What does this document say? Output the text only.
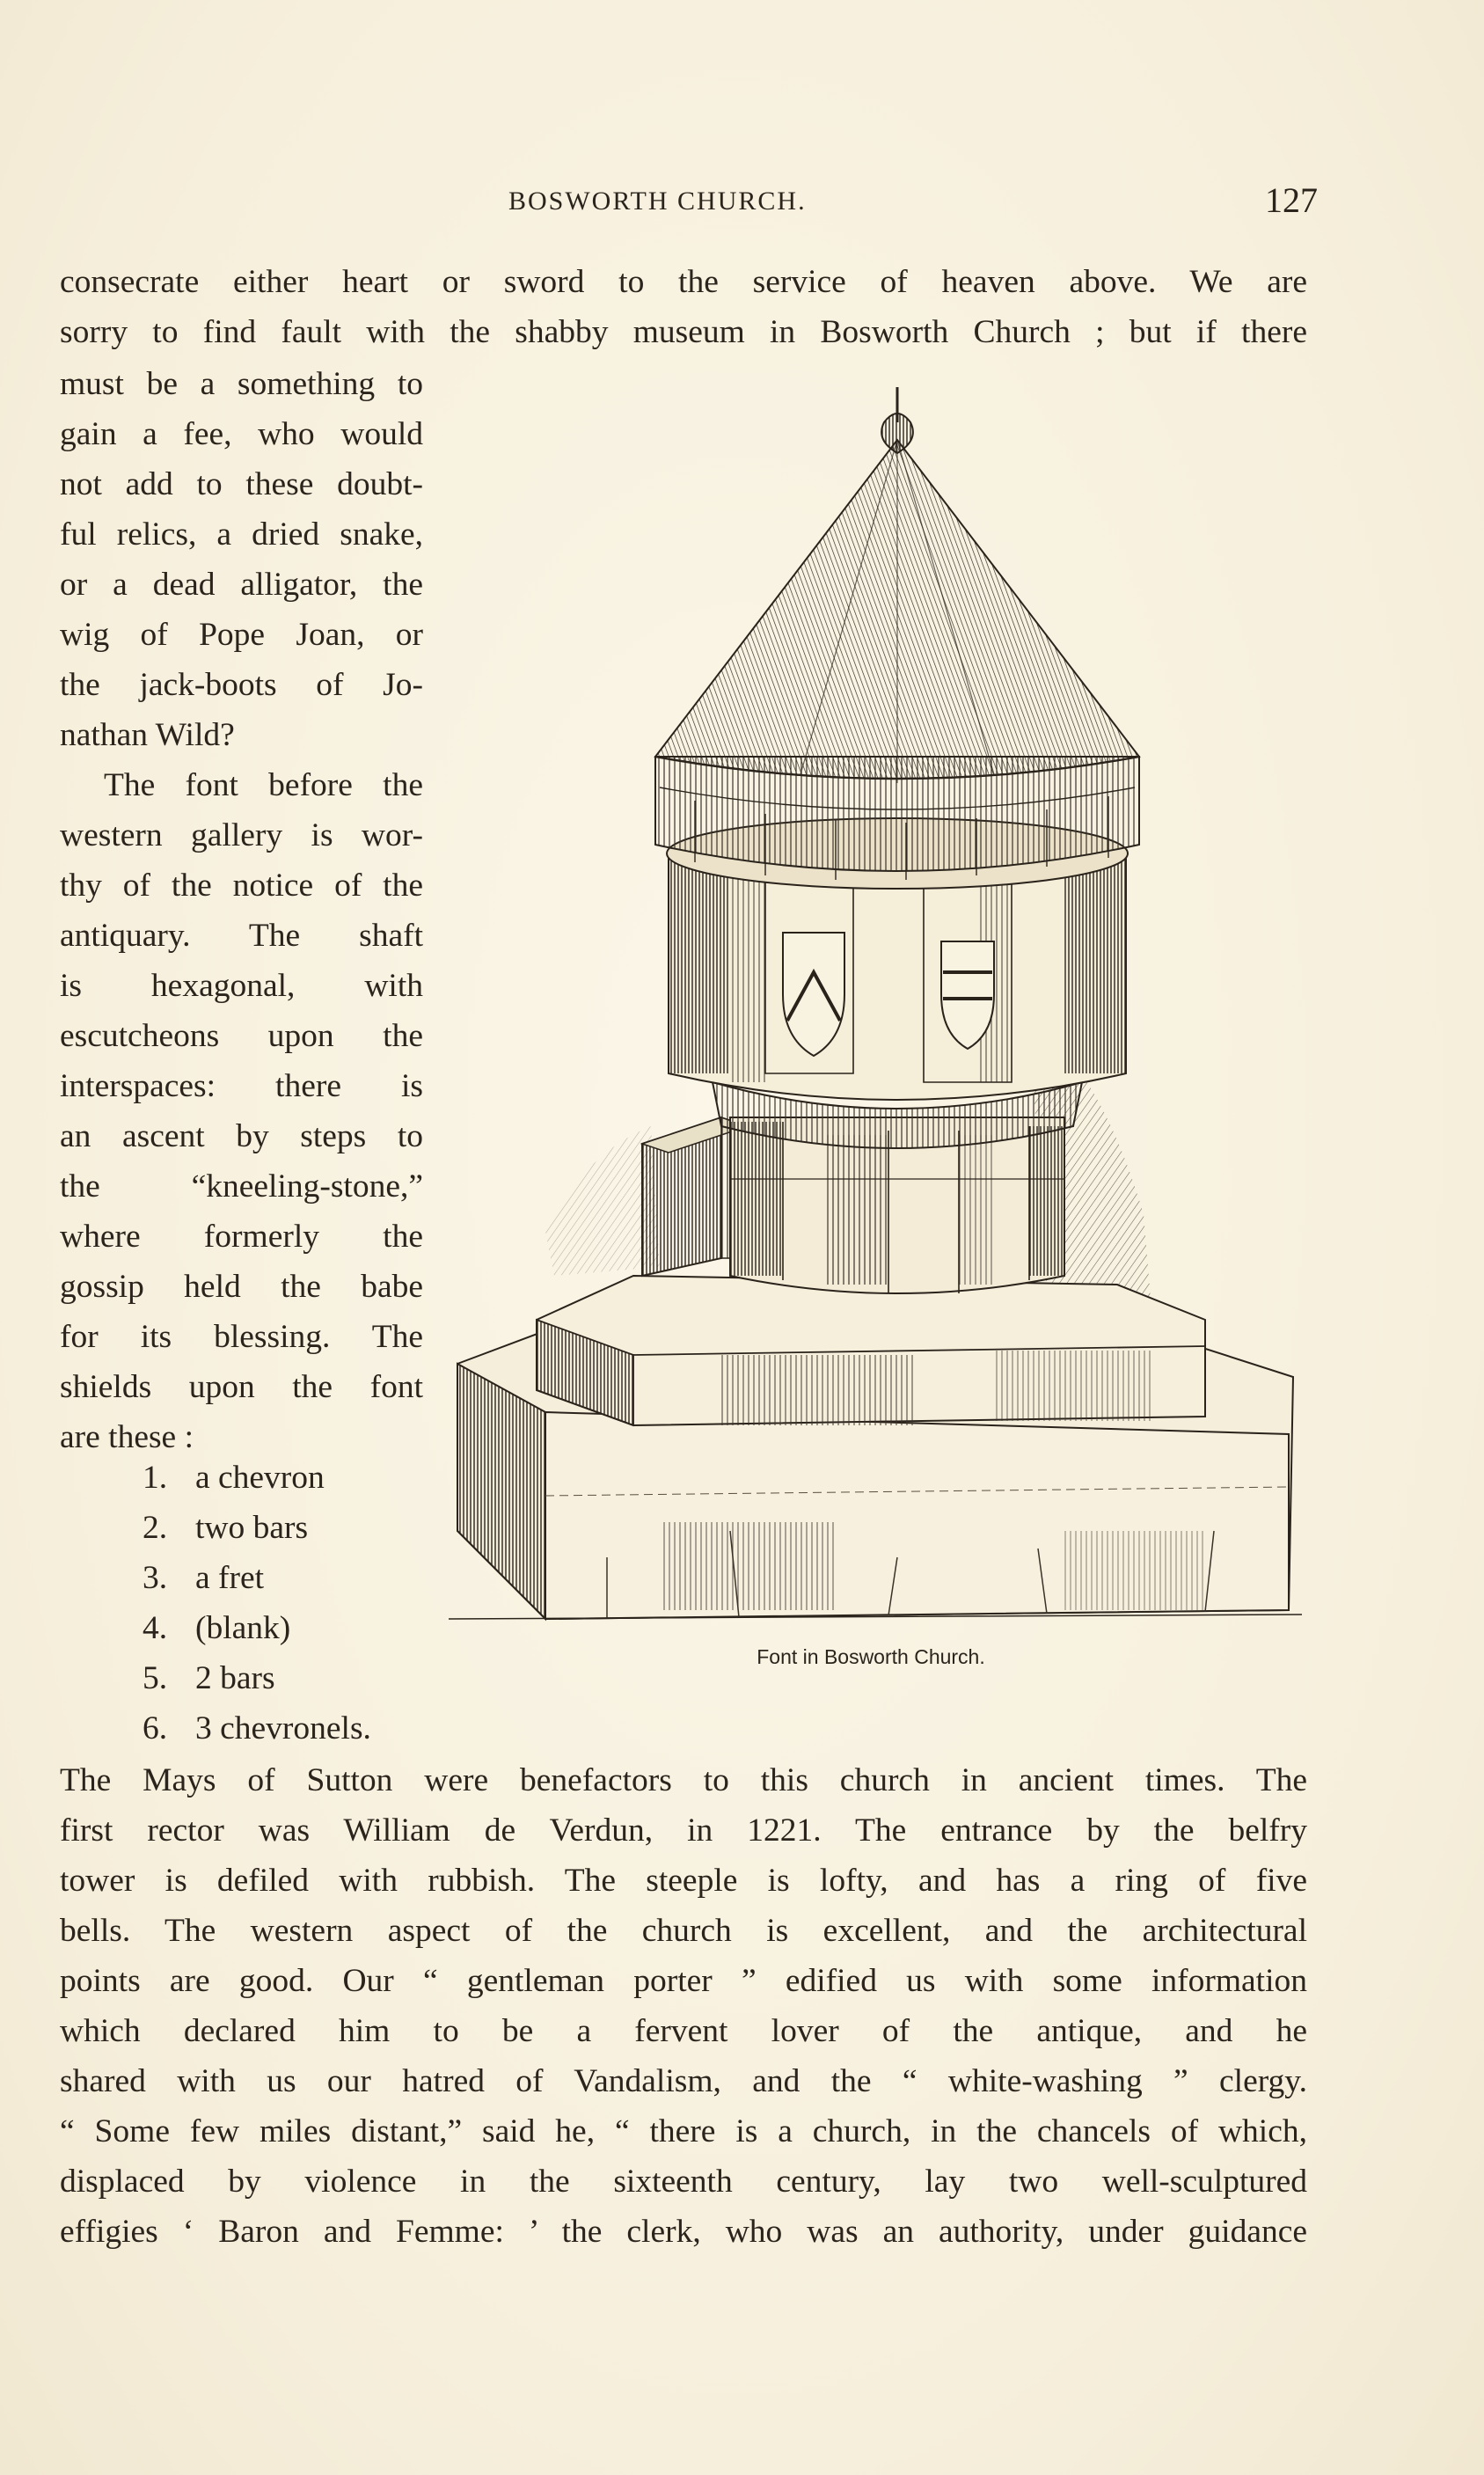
BOSWORTH CHURCH.	127
consecrate either heart or sword to the service of heaven above. We are
sorry to find fault with the shabby museum in Bosworth Church ; but if there
must be a something to
gain a fee, who would
not add to these doubt-
ful relics, a dried snake,
or a dead alligator, the
wig of Pope Joan, or
the jack-boots of Jo-
nathan Wild?
The font before the
western gallery is wor-
thy of the notice of the
antiquary. The shaft
is hexagonal, with
escutcheons upon the
interspaces: there is
an ascent by steps to
the “kneeling-stone,”
where formerly the
gossip held the babe
for its blessing. The
shields upon the font
are these :
1. a chevron
2. two bars
3. a fret
4. (blank)
5. 2 bars
6. 3 chevronels.
Font in Bosworth Church.
The Mays of Sutton were benefactors to this church in ancient times. The
first rector was William de Verdun, in 1221. The entrance by the belfry
tower is defiled with rubbish. The steeple is lofty, and has a ring of five
bells. The western aspect of the church is excellent, and the architectural
points are good. Our “ gentleman porter ” edified us with some information
which declared him to be a fervent lover of the antique, and he
shared with us our hatred of Vandalism, and the “ white-washing ” clergy.
“ Some few miles distant,” said he, “ there is a church, in the chancels of which,
displaced by violence in the sixteenth century, lay two well-sculptured
effigies ‘ Baron and Femme: ’ the clerk, who was an authority, under guidance
